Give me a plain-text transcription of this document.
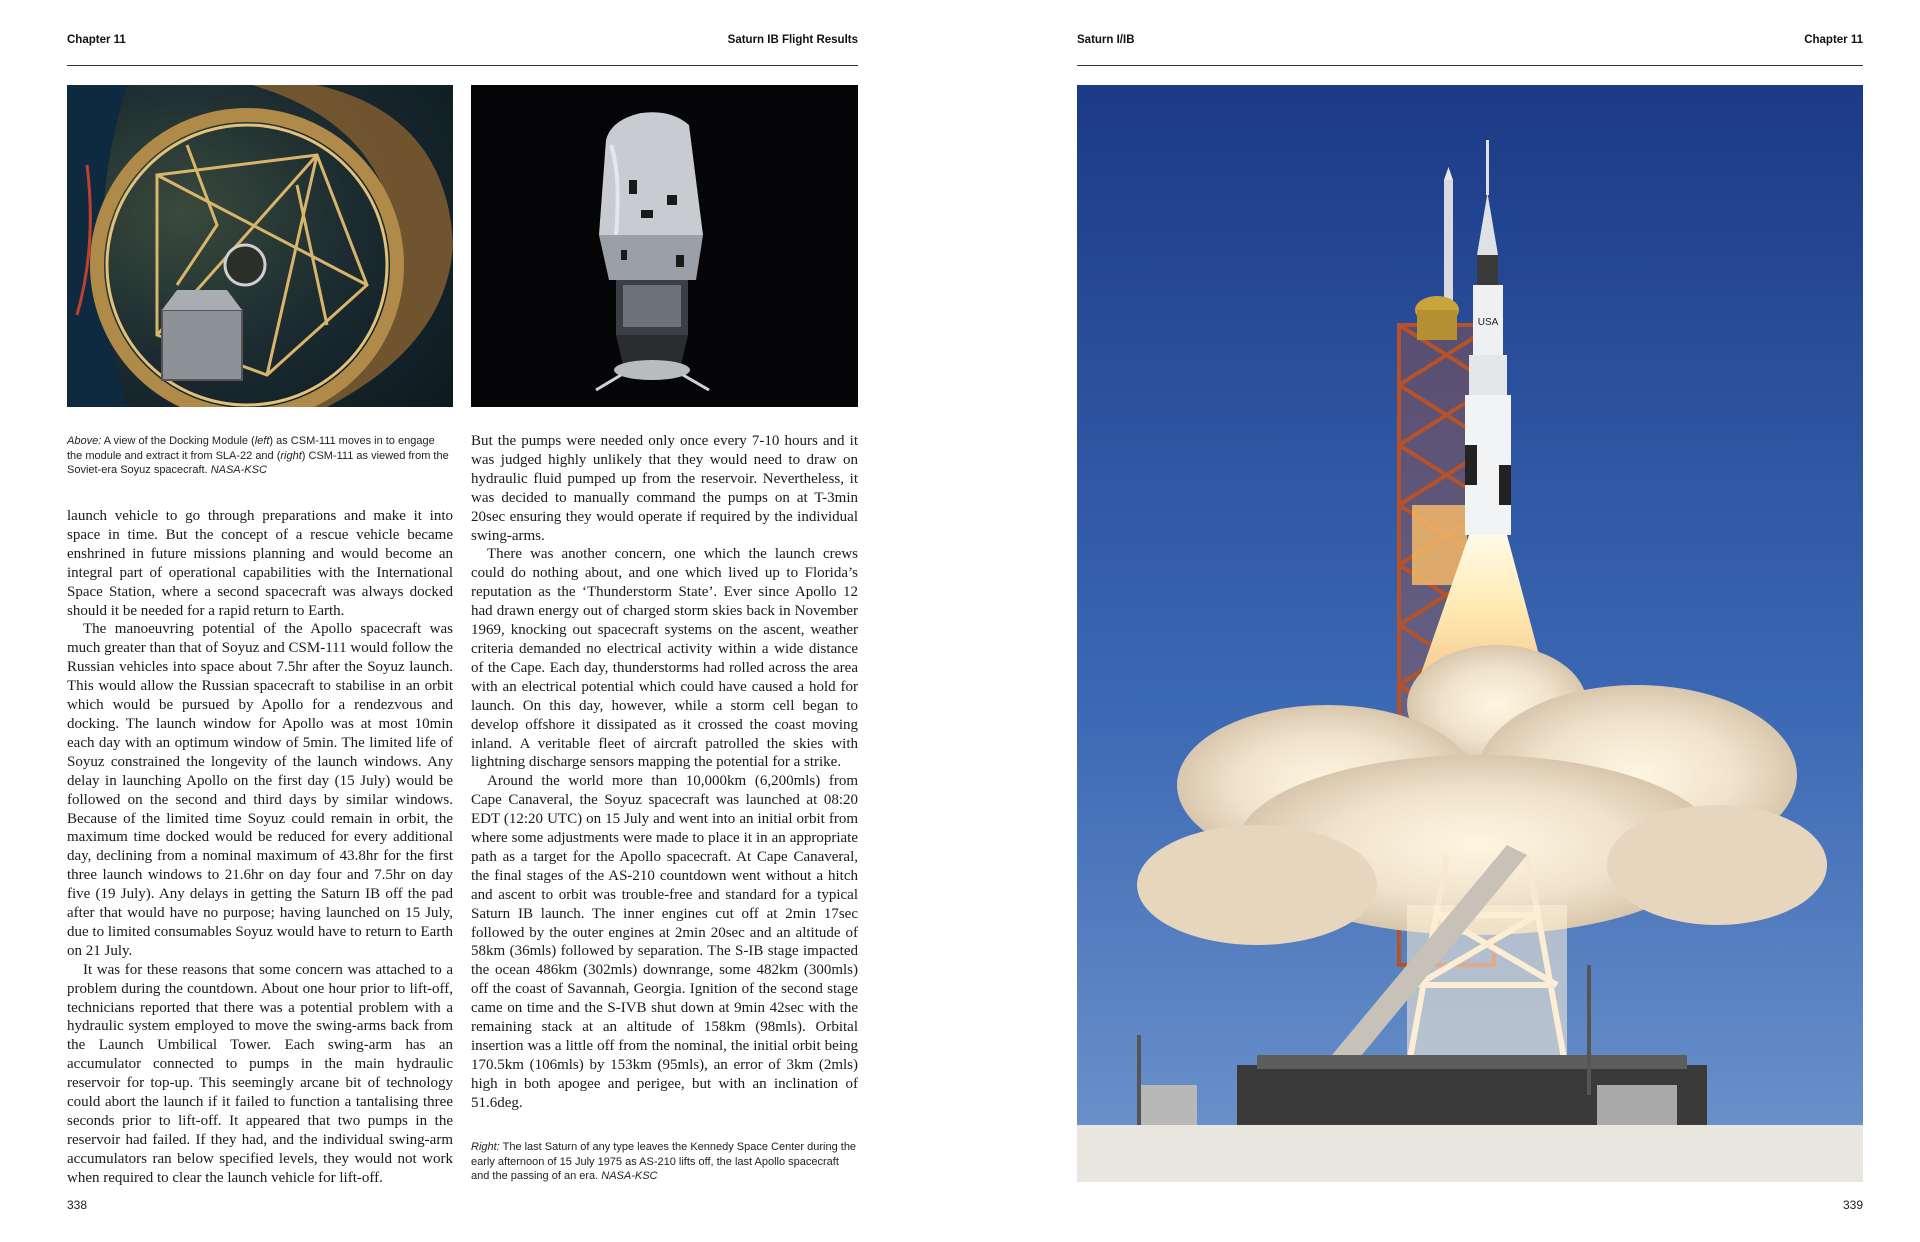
Chapter 11	Saturn IB Flight Results
Above: A view of the Docking Module (left) as CSM-111 moves in to engage the module and extract it from SLA-22 and (right) CSM-111 as viewed from the Soviet-era Soyuz spacecraft. NASA-KSC

launch vehicle to go through preparations and make it into space in time. But the concept of a rescue vehicle became enshrined in future missions planning and would become an integral part of operational capabilities with the International Space Station, where a second spacecraft was always docked should it be needed for a rapid return to Earth.

The manoeuvring potential of the Apollo spacecraft was much greater than that of Soyuz and CSM-111 would follow the Russian vehicles into space about 7.5hr after the Soyuz launch. This would allow the Russian spacecraft to stabilise in an orbit which would be pursued by Apollo for a rendezvous and docking. The launch window for Apollo was at most 10min each day with an optimum window of 5min. The limited life of Soyuz constrained the longevity of the launch windows. Any delay in launching Apollo on the first day (15 July) would be followed on the second and third days by similar windows. Because of the limited time Soyuz could remain in orbit, the maximum time docked would be reduced for every additional day, declining from a nominal maximum of 43.8hr for the first three launch windows to 21.6hr on day four and 7.5hr on day five (19 July). Any delays in getting the Saturn IB off the pad after that would have no purpose; having launched on 15 July, due to limited consumables Soyuz would have to return to Earth on 21 July.

It was for these reasons that some concern was attached to a problem during the countdown. About one hour prior to lift-off, technicians reported that there was a potential problem with a hydraulic system employed to move the swing-arms back from the Launch Umbilical Tower. Each swing-arm has an accumulator connected to pumps in the main hydraulic reservoir for top-up. This seemingly arcane bit of technology could abort the launch if it failed to function a tantalising three seconds prior to lift-off. It appeared that two pumps in the reservoir had failed. If they had, and the individual swing-arm accumulators ran below specified levels, they would not work when required to clear the launch vehicle for lift-off.

But the pumps were needed only once every 7-10 hours and it was judged highly unlikely that they would need to draw on hydraulic fluid pumped up from the reservoir. Nevertheless, it was decided to manually command the pumps on at T-3min 20sec ensuring they would operate if required by the individual swing-arms.

There was another concern, one which the launch crews could do nothing about, and one which lived up to Florida’s reputation as the ‘Thunderstorm State’. Ever since Apollo 12 had drawn energy out of charged storm skies back in November 1969, knocking out spacecraft systems on the ascent, weather criteria demanded no electrical activity within a wide distance of the Cape. Each day, thunderstorms had rolled across the area with an electrical potential which could have caused a hold for launch. On this day, however, while a storm cell began to develop offshore it dissipated as it crossed the coast moving inland. A veritable fleet of aircraft patrolled the skies with lightning discharge sensors mapping the potential for a strike.

Around the world more than 10,000km (6,200mls) from Cape Canaveral, the Soyuz spacecraft was launched at 08:20 EDT (12:20 UTC) on 15 July and went into an initial orbit from where some adjustments were made to place it in an appropriate path as a target for the Apollo spacecraft. At Cape Canaveral, the final stages of the AS-210 countdown went without a hitch and ascent to orbit was trouble-free and standard for a typical Saturn IB launch. The inner engines cut off at 2min 17sec followed by the outer engines at 2min 20sec and an altitude of 58km (36mls) followed by separation. The S-IB stage impacted the ocean 486km (302mls) downrange, some 482km (300mls) off the coast of Savannah, Georgia. Ignition of the second stage came on time and the S-IVB shut down at 9min 42sec with the remaining stack at an altitude of 158km (98mls). Orbital insertion was a little off from the nominal, the initial orbit being 170.5km (106mls) by 153km (95mls), an error of 3km (2mls) high in both apogee and perigee, but with an inclination of 51.6deg.

Right: The last Saturn of any type leaves the Kennedy Space Center during the early afternoon of 15 July 1975 as AS-210 lifts off, the last Apollo spacecraft and the passing of an era. NASA-KSC
338
Saturn I/IB	Chapter 11
USA
339
